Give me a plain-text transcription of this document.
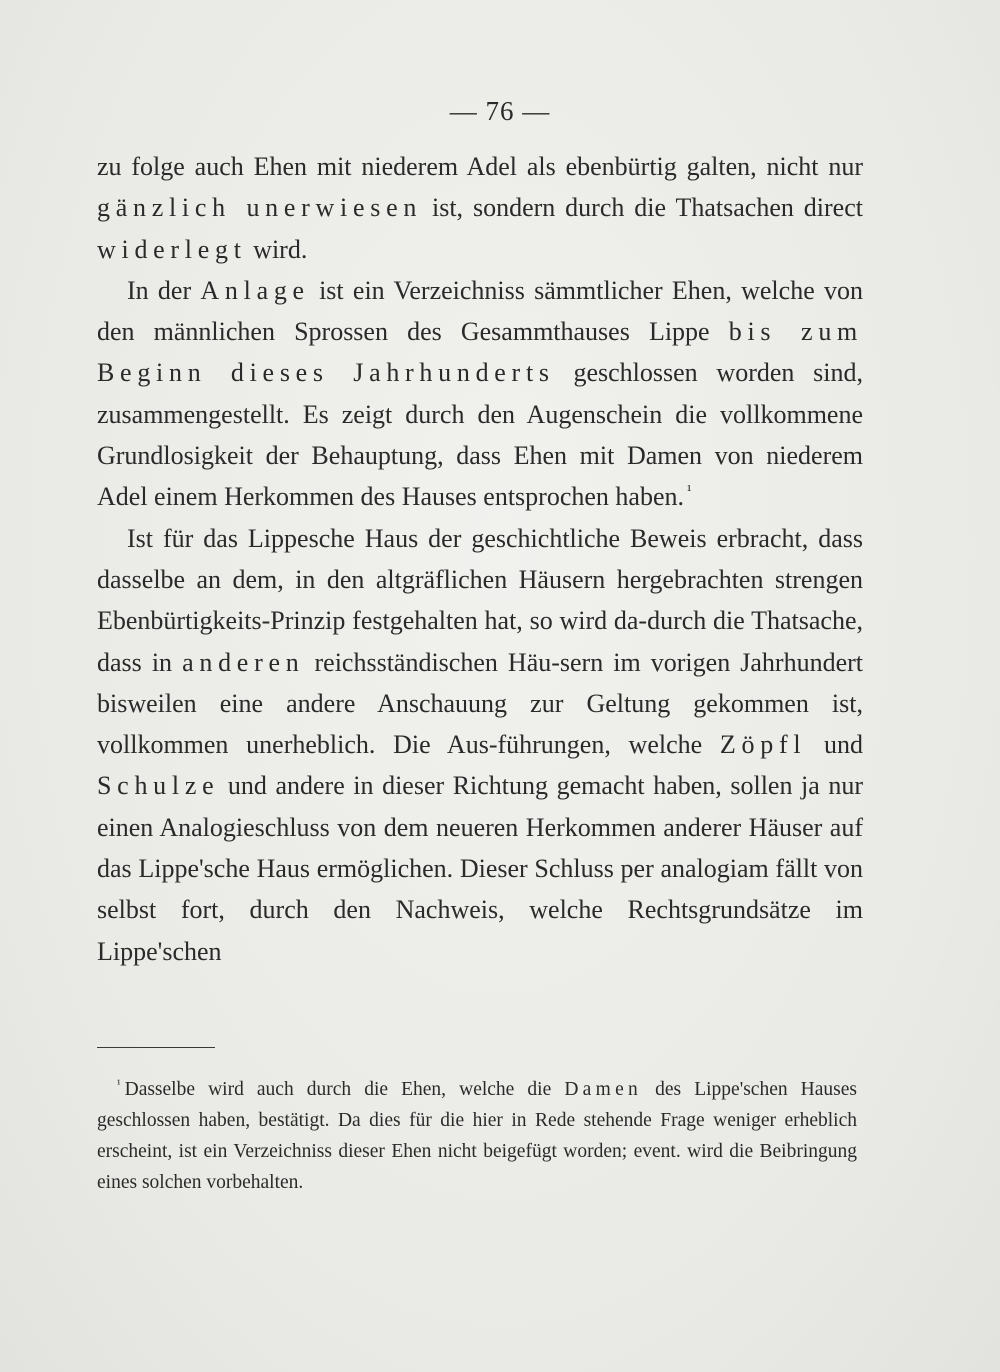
— 76 —

zu folge auch Ehen mit niederem Adel als ebenbürtig galten, nicht nur gänzlich unerwiesen ist, sondern durch die Thatsachen direct widerlegt wird.

In der Anlage ist ein Verzeichniss sämmtlicher Ehen, welche von den männlichen Sprossen des Gesammthauses Lippe bis zum Beginn dieses Jahrhunderts geschlossen worden sind, zusammengestellt. Es zeigt durch den Augenschein die vollkommene Grundlosigkeit der Behauptung, dass Ehen mit Damen von niederem Adel einem Herkommen des Hauses entsprochen haben. $^{^1}$

Ist für das Lippesche Haus der geschichtliche Beweis erbracht, dass dasselbe an dem, in den altgräflichen Häusern hergebrachten strengen Ebenbürtigkeits-Prinzip festgehalten hat, so wird da-durch die Thatsache, dass in anderen reichsständischen Häu-sern im vorigen Jahrhundert bisweilen eine andere Anschauung zur Geltung gekommen ist, vollkommen unerheblich. Die Aus-führungen, welche Zöpfl und Schulze und andere in dieser Richtung gemacht haben, sollen ja nur einen Analogieschluss von dem neueren Herkommen anderer Häuser auf das Lippe'sche Haus ermöglichen. Dieser Schluss per analogiam fällt von selbst fort, durch den Nachweis, welche Rechtsgrundsätze im Lippe'schen

$^{^1}$ Dasselbe wird auch durch die Ehen, welche die Damen des Lippe'schen Hauses geschlossen haben, bestätigt. Da dies für die hier in Rede stehende Frage weniger erheblich erscheint, ist ein Verzeichniss dieser Ehen nicht beigefügt worden; event. wird die Beibringung eines solchen vorbehalten.
